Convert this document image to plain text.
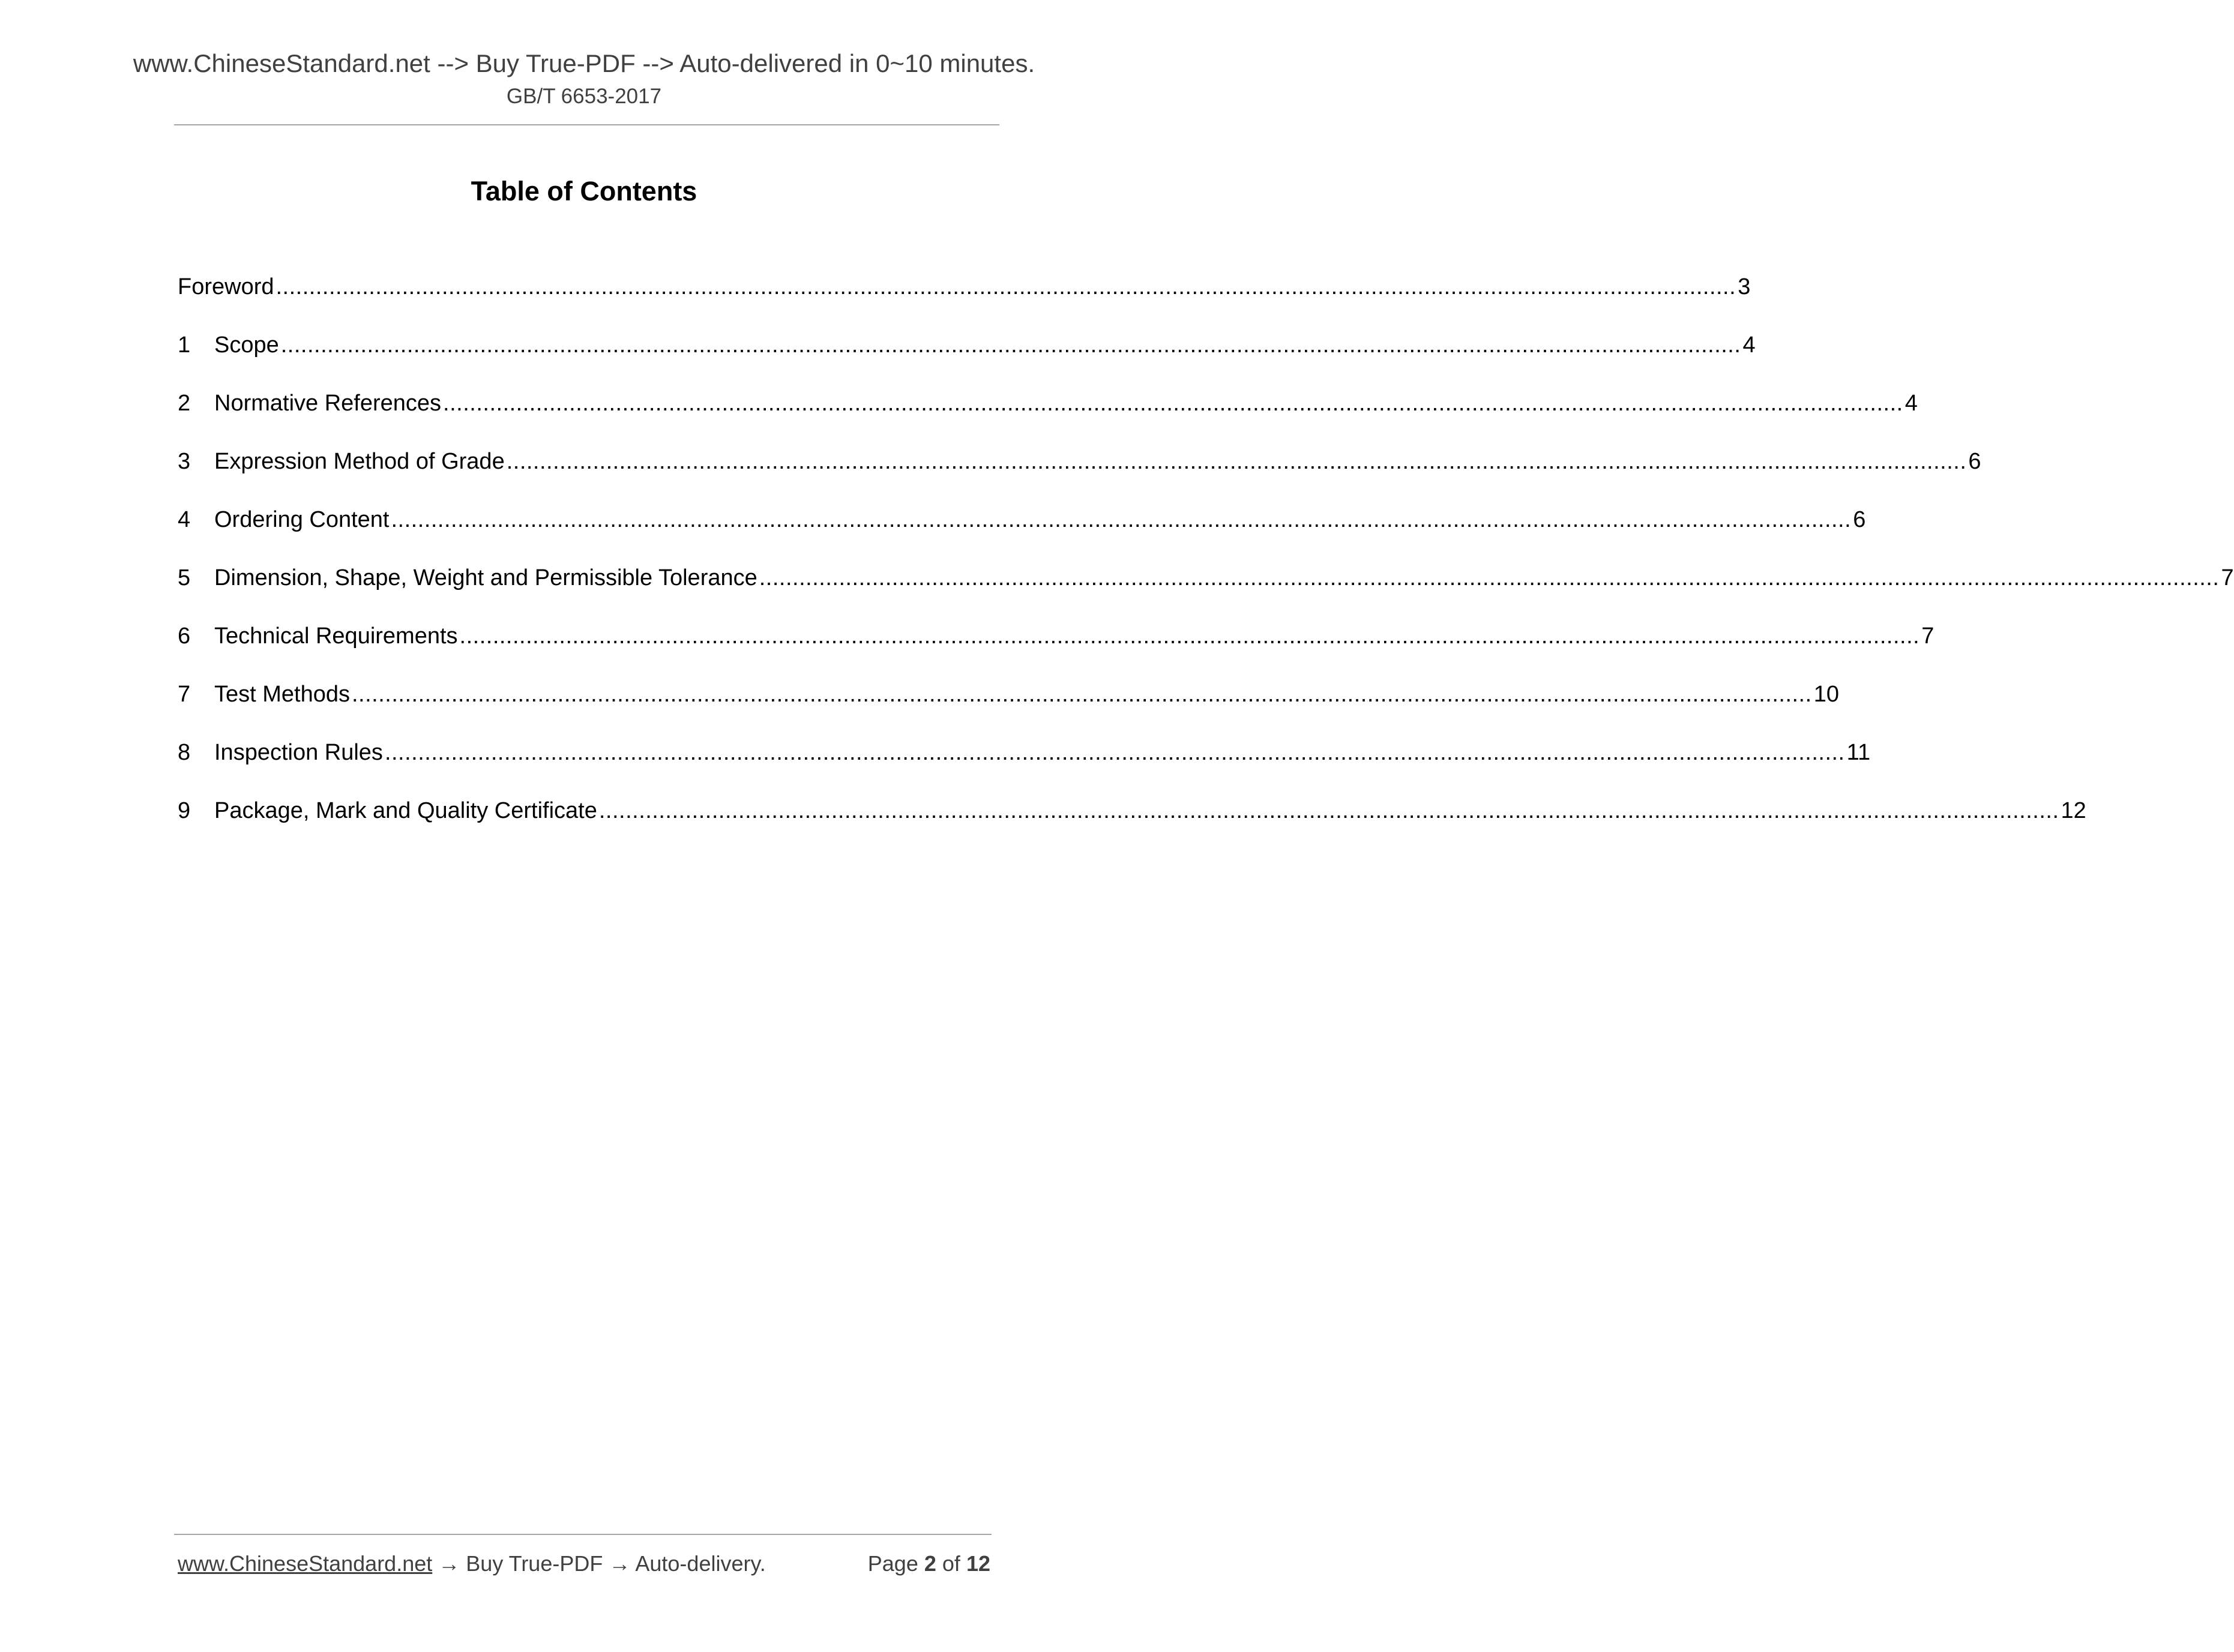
www.ChineseStandard.net --> Buy True-PDF --> Auto-delivered in 0~10 minutes.
GB/T 6653-2017
Table of Contents
Foreword ............................................................................................................................................................................................................................ 3
1	Scope ............................................................................................................................................................................................................................ 4
2	Normative References ............................................................................................................................................................................................................................ 4
3	Expression Method of Grade ............................................................................................................................................................................................................................ 6
4	Ordering Content ............................................................................................................................................................................................................................ 6
5	Dimension, Shape, Weight and Permissible Tolerance ............................................................................................................................................................................................................................ 7
6	Technical Requirements ............................................................................................................................................................................................................................ 7
7	Test Methods ............................................................................................................................................................................................................................ 10
8	Inspection Rules ............................................................................................................................................................................................................................ 11
9	Package, Mark and Quality Certificate ............................................................................................................................................................................................................................ 12
www.ChineseStandard.net → Buy True-PDF → Auto-delivery.	Page 2 of 12
